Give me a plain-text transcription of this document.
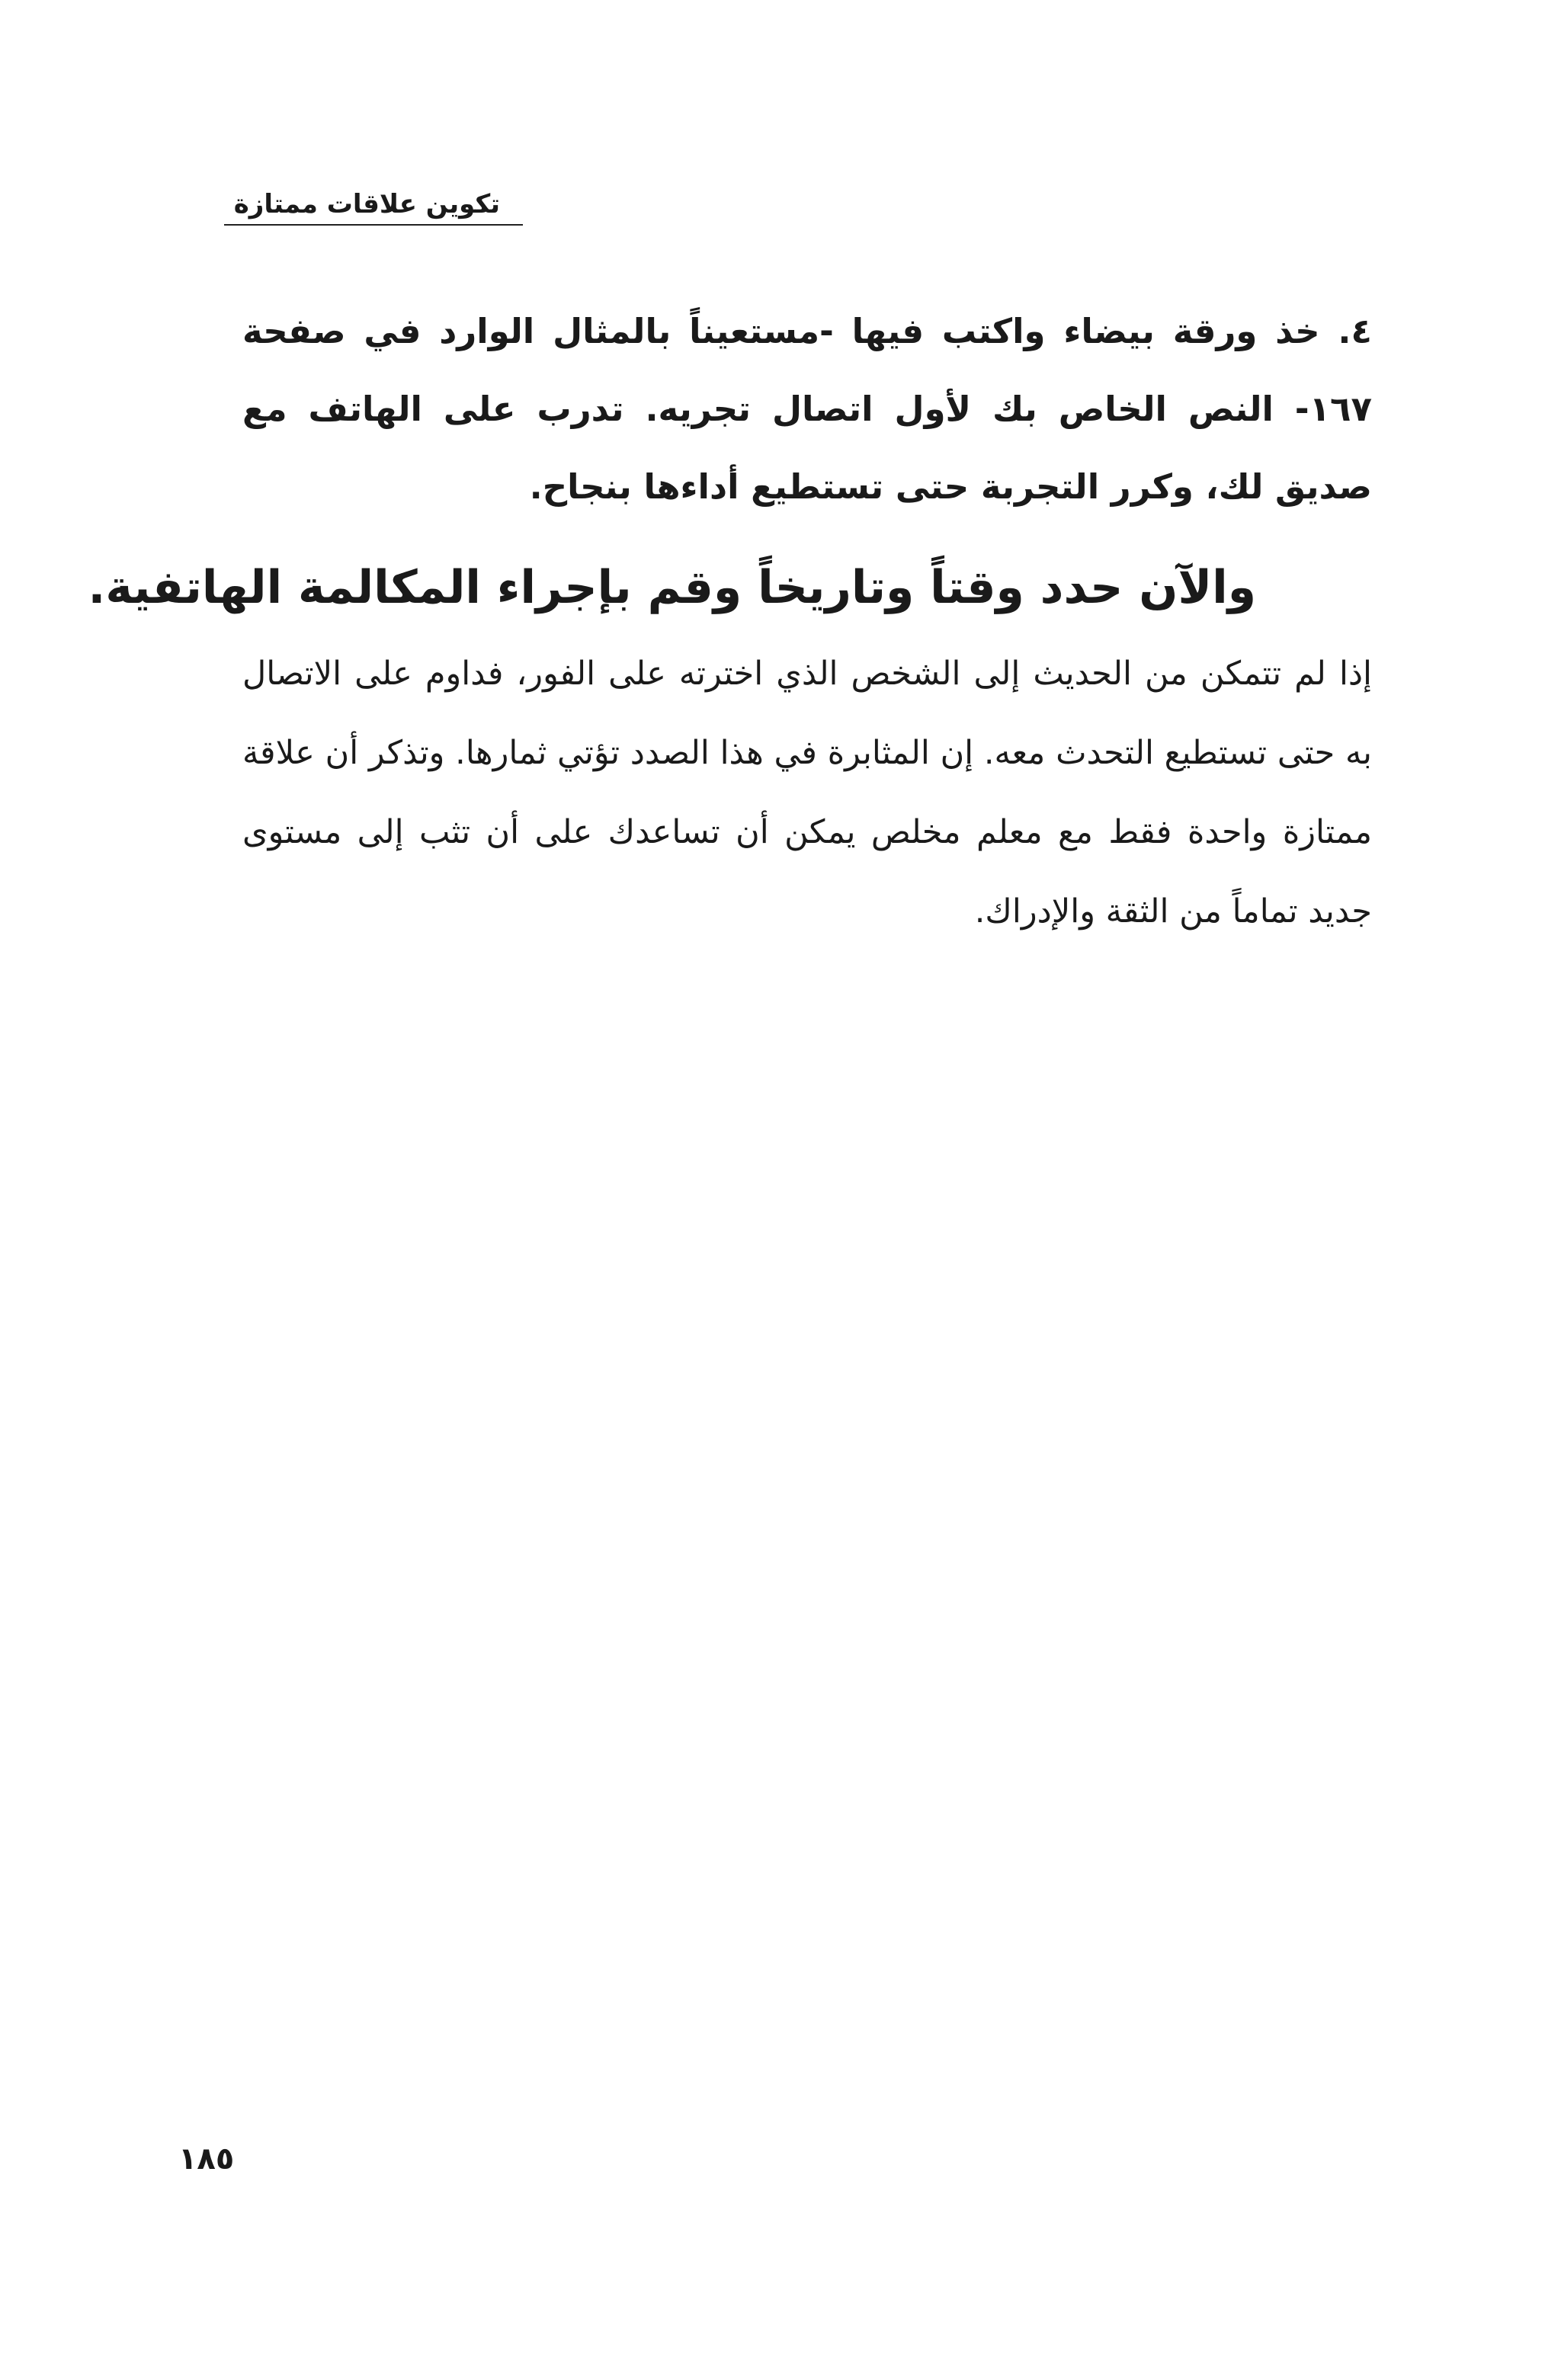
تكوين علاقات ممتازة

٤. خذ ورقة بيضاء واكتب فيها -مستعيناً بالمثال الوارد في صفحة ١٦٧- النص الخاص بك لأول اتصال تجريه. تدرب على الهاتف مع صديق لك، وكرر التجربة حتى تستطيع أداءها بنجاح.

والآن حدد وقتاً وتاريخاً وقم بإجراء المكالمة الهاتفية.

إذا لم تتمكن من الحديث إلى الشخص الذي اخترته على الفور، فداوم على الاتصال به حتى تستطيع التحدث معه. إن المثابرة في هذا الصدد تؤتي ثمارها. وتذكر أن علاقة ممتازة واحدة فقط مع معلم مخلص يمكن أن تساعدك على أن تثب إلى مستوى جديد تماماً من الثقة والإدراك.

١٨٥
